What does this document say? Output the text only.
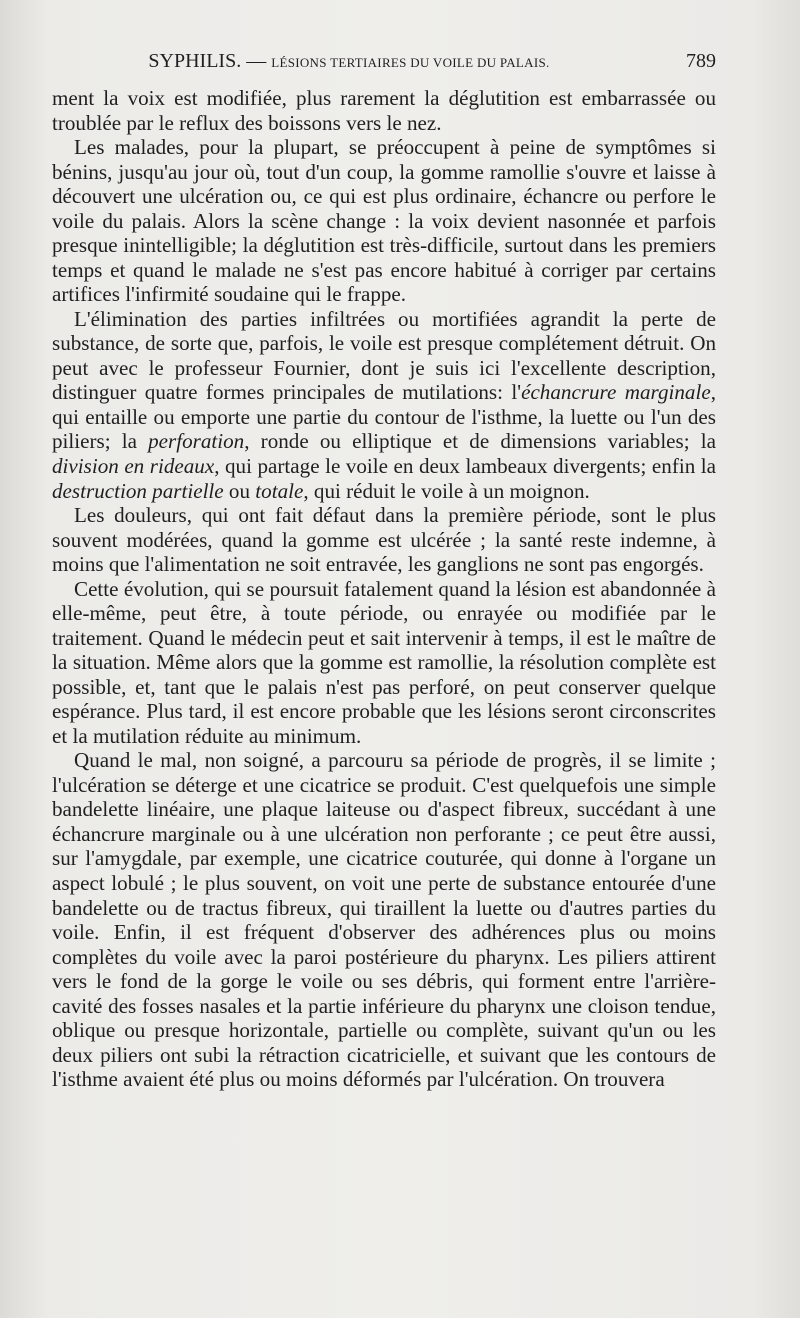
SYPHILIS. — LÉSIONS TERTIAIRES DU VOILE DU PALAIS.	789

ment la voix est modifiée, plus rarement la déglutition est embarrassée ou troublée par le reflux des boissons vers le nez.

Les malades, pour la plupart, se préoccupent à peine de symptômes si bénins, jusqu'au jour où, tout d'un coup, la gomme ramollie s'ouvre et laisse à découvert une ulcération ou, ce qui est plus ordinaire, échancre ou perfore le voile du palais. Alors la scène change : la voix devient nasonnée et parfois presque inintelligible; la déglutition est très-difficile, surtout dans les premiers temps et quand le malade ne s'est pas encore habitué à corriger par certains artifices l'infirmité soudaine qui le frappe.

L'élimination des parties infiltrées ou mortifiées agrandit la perte de substance, de sorte que, parfois, le voile est presque complétement détruit. On peut avec le professeur Fournier, dont je suis ici l'excellente description, distinguer quatre formes principales de mutilations: l'échancrure marginale, qui entaille ou emporte une partie du contour de l'isthme, la luette ou l'un des piliers; la perforation, ronde ou elliptique et de dimensions variables; la division en rideaux, qui partage le voile en deux lambeaux divergents; enfin la destruction partielle ou totale, qui réduit le voile à un moignon.

Les douleurs, qui ont fait défaut dans la première période, sont le plus souvent modérées, quand la gomme est ulcérée ; la santé reste indemne, à moins que l'alimentation ne soit entravée, les ganglions ne sont pas engorgés.

Cette évolution, qui se poursuit fatalement quand la lésion est abandonnée à elle-même, peut être, à toute période, ou enrayée ou modifiée par le traitement. Quand le médecin peut et sait intervenir à temps, il est le maître de la situation. Même alors que la gomme est ramollie, la résolution complète est possible, et, tant que le palais n'est pas perforé, on peut conserver quelque espérance. Plus tard, il est encore probable que les lésions seront circonscrites et la mutilation réduite au minimum.

Quand le mal, non soigné, a parcouru sa période de progrès, il se limite ; l'ulcération se déterge et une cicatrice se produit. C'est quelquefois une simple bandelette linéaire, une plaque laiteuse ou d'aspect fibreux, succédant à une échancrure marginale ou à une ulcération non perforante ; ce peut être aussi, sur l'amygdale, par exemple, une cicatrice couturée, qui donne à l'organe un aspect lobulé ; le plus souvent, on voit une perte de substance entourée d'une bandelette ou de tractus fibreux, qui tiraillent la luette ou d'autres parties du voile. Enfin, il est fréquent d'observer des adhérences plus ou moins complètes du voile avec la paroi postérieure du pharynx. Les piliers attirent vers le fond de la gorge le voile ou ses débris, qui forment entre l'arrière-cavité des fosses nasales et la partie inférieure du pharynx une cloison tendue, oblique ou presque horizontale, partielle ou complète, suivant qu'un ou les deux piliers ont subi la rétraction cicatricielle, et suivant que les contours de l'isthme avaient été plus ou moins déformés par l'ulcération. On trouvera
